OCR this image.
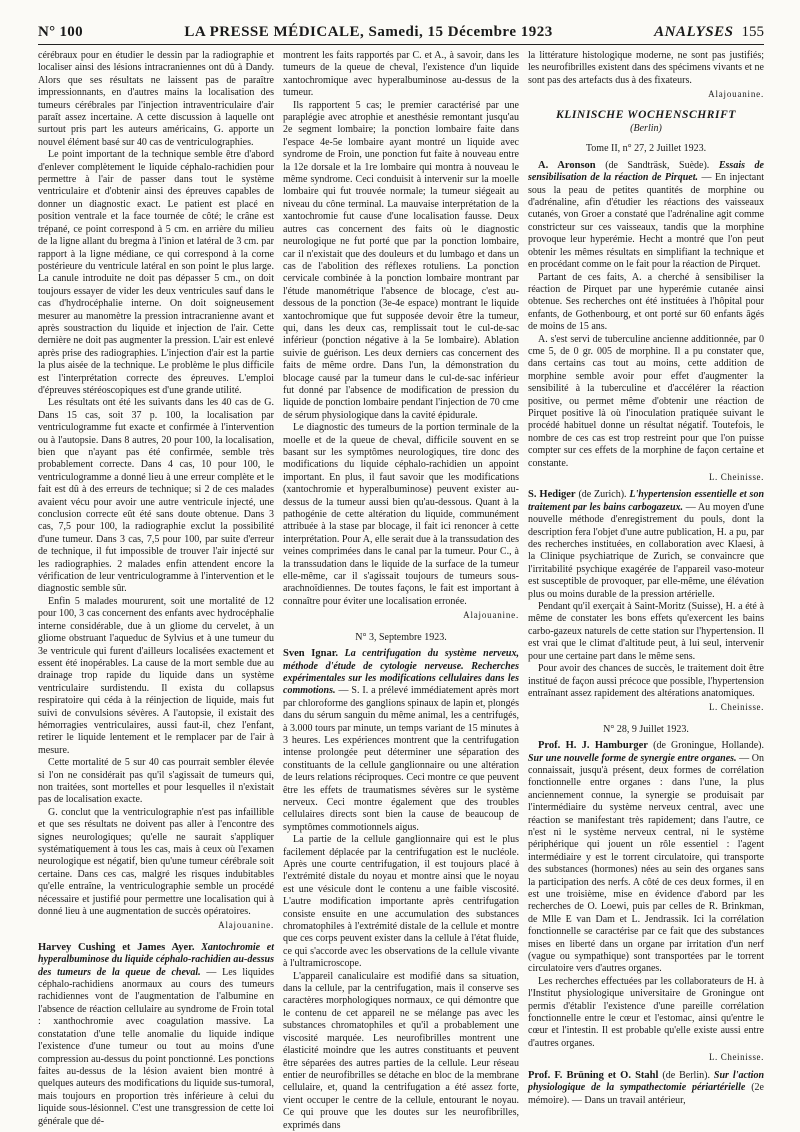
N° 100	LA PRESSE MÉDICALE, Samedi, 15 Décembre 1923	ANALYSES 155

cérébraux pour en étudier le dessin par la radiographie et localiser ainsi des lésions intracraniennes ont dû à Dandy. Alors que ses résultats ne laissent pas de paraître impressionnants, en d'autres mains la localisation des tumeurs cérébrales par l'injection intraventriculaire d'air paraît assez incertaine. A cette discussion à laquelle ont surtout pris part les auteurs américains, G. apporte un nouvel élément basé sur 40 cas de ventriculographies.

Le point important de la technique semble être d'abord d'enlever complètement le liquide céphalo-rachidien pour permettre à l'air de passer dans tout le système ventriculaire et d'obtenir ainsi des épreuves capables de donner un diagnostic exact. Le patient est placé en position ventrale et la face tournée de côté; le crâne est trépané, ce point correspond à 5 cm. en arrière du milieu de la ligne allant du bregma à l'inion et latéral de 3 cm. par rapport à la ligne médiane, ce qui correspond à la corne postérieure du ventricule latéral en son point le plus large. La canule introduite ne doit pas dépasser 5 cm., on doit toujours essayer de vider les deux ventricules sauf dans le cas d'hydrocéphalie interne. On doit soigneusement mesurer au manomètre la pression intracranienne avant et après soustraction du liquide et injection de l'air. Cette dernière ne doit pas augmenter la pression. L'air est enlevé après prise des radiographies. L'injection d'air est la partie la plus aisée de la technique. Le problème le plus difficile est l'interprétation correcte des épreuves. L'emploi d'épreuves stéréoscopiques est d'une grande utilité.

Les résultats ont été les suivants dans les 40 cas de G. Dans 15 cas, soit 37 p. 100, la localisation par ventriculogramme fut exacte et confirmée à l'intervention ou à l'autopsie. Dans 8 autres, 20 pour 100, la localisation, bien que n'ayant pas été confirmée, semble très probablement correcte. Dans 4 cas, 10 pour 100, le ventriculogramme a donné lieu à une erreur complète et le fait est dû à des erreurs de technique; si 2 de ces malades avaient vécu pour avoir une autre ventricule injecté, une conclusion correcte eût été sans doute obtenue. Dans 3 cas, 7,5 pour 100, la radiographie exclut la possibilité d'une tumeur. Dans 3 cas, 7,5 pour 100, par suite d'erreur de technique, il fut impossible de trouver l'air injecté sur les radiographies. 2 malades enfin attendent encore la vérification de leur ventriculogramme à l'intervention et le diagnostic semble sûr.

Enfin 5 malades moururent, soit une mortalité de 12 pour 100, 3 cas concernent des enfants avec hydrocéphalie interne considérable, due à un gliome du cervelet, à un gliome obstruant l'aqueduc de Sylvius et à une tumeur du 3e ventricule qui furent d'ailleurs localisées exactement et essent été inopérables. La cause de la mort semble due au drainage trop rapide du liquide dans un système ventriculaire surdistendu. Il exista du collapsus respiratoire qui céda à la réinjection de liquide, mais fut suivi de convulsions sévères. A l'autopsie, il existait des hémorragies ventriculaires, aussi faut-il, chez l'enfant, retirer le liquide lentement et le remplacer par de l'air à mesure.

Cette mortalité de 5 sur 40 cas pourrait sembler élevée si l'on ne considérait pas qu'il s'agissait de tumeurs qui, non traitées, sont mortelles et pour lesquelles il n'existait pas de localisation exacte.

G. conclut que la ventriculographie n'est pas infaillible et que ses résultats ne doivent pas aller à l'encontre des signes neurologiques; qu'elle ne saurait s'appliquer systématiquement à tous les cas, mais à ceux où l'examen neurologique est négatif, bien qu'une tumeur cérébrale soit certaine. Dans ces cas, malgré les risques indubitables qu'elle entraîne, la ventriculographie semble un procédé nécessaire et justifié pour permettre une localisation qui à donné lieu à une augmentation de succès opératoires.

Alajouanine.

Harvey Cushing et James Ayer. Xantochromie et hyperalbuminose du liquide céphalo-rachidien au-dessus des tumeurs de la queue de cheval. — Les liquides céphalo-rachidiens anormaux au cours des tumeurs rachidiennes vont de l'augmentation de l'albumine en l'absence de réaction cellulaire au syndrome de Froin total : xanthochromie avec coagulation massive. La constatation d'une telle anomalie du liquide indique l'existence d'une tumeur ou tout au moins d'une compression au-dessus du point ponctionné. Les ponctions faites au-dessus de la lésion avaient bien montré à quelques auteurs des modifications du liquide sus-tumoral, mais toujours en proportion très inférieure à celui du liquide sous-lésionnel. C'est une transgression de cette loi générale que dé-

montrent les faits rapportés par C. et A., à savoir, dans les tumeurs de la queue de cheval, l'existence d'un liquide xantochromique avec hyperalbuminose au-dessus de la tumeur.

Ils rapportent 5 cas; le premier caractérisé par une paraplégie avec atrophie et anesthésie remontant jusqu'au 2e segment lombaire; la ponction lombaire faite dans l'espace 4e-5e lombaire ayant montré un liquide avec syndrome de Froin, une ponction fut faite à nouveau entre la 12e dorsale et la 1re lombaire qui montra à nouveau le même syndrome. Ceci conduisit à intervenir sur la moelle lombaire qui fut trouvée normale; la tumeur siégeait au niveau du cône terminal. La mauvaise interprétation de la xantochromie fut cause d'une localisation fausse. Deux autres cas concernent des faits où le diagnostic neurologique ne fut porté que par la ponction lombaire, car il n'existait que des douleurs et du lumbago et dans un cas de l'abolition des réflexes rotuliens. La ponction cervicale combinée à la ponction lombaire montrant par l'étude manométrique l'absence de blocage, c'est au-dessous de la ponction (3e-4e espace) montrant le liquide xantochromique que fut supposée devoir être la tumeur, qui, dans les deux cas, remplissait tout le cul-de-sac inférieur (ponction négative à la 5e lombaire). Ablation suivie de guérison. Les deux derniers cas concernent des faits de même ordre. Dans l'un, la démonstration du blocage causé par la tumeur dans le cul-de-sac inférieur fut donné par l'absence de modification de pression du liquide de ponction lombaire pendant l'injection de 70 cme de sérum physiologique dans la cavité épidurale.

Le diagnostic des tumeurs de la portion terminale de la moelle et de la queue de cheval, difficile souvent en se basant sur les symptômes neurologiques, tire donc des modifications du liquide céphalo-rachidien un appoint important. En plus, il faut savoir que les modifications (xantochromie et hyperalbuminose) peuvent exister au-dessus de la tumeur aussi bien qu'au-dessous. Quant à la pathogénie de cette altération du liquide, communément attribuée à la stase par blocage, il fait ici renoncer à cette interprétation. Pour A, elle serait due à la transsudation des veines comprimées dans le canal par la tumeur. Pour C., à la transsudation dans le liquide de la surface de la tumeur elle-même, car il s'agissait toujours de tumeurs sous-arachnoïdiennes. De toutes façons, le fait est important à connaître pour éviter une localisation erronée.

Alajouanine.
N° 3, Septembre 1923.

Sven Ignar. La centrifugation du système nerveux, méthode d'étude de cytologie nerveuse. Recherches expérimentales sur les modifications cellulaires dans les commotions. — S. I. a prélevé immédiatement après mort par chloroforme des ganglions spinaux de lapin et, plongés dans du sérum sanguin du même animal, les a centrifugés, à 3.000 tours par minute, un temps variant de 15 minutes à 3 heures. Les expériences montrent que la centrifugation intense prolongée peut déterminer une séparation des constituants de la cellule ganglionnaire ou une altération de leurs relations réciproques. Ceci montre ce que peuvent être les effets de traumatismes sévères sur le système nerveux. Ceci montre également que des troubles cellulaires directs sont bien la cause de beaucoup de symptômes commotionnels aigus.

La partie de la cellule ganglionnaire qui est le plus facilement déplacée par la centrifugation est le nucléole. Après une courte centrifugation, il est toujours placé à l'extrémité distale du noyau et montre ainsi que le noyau est une vésicule dont le contenu a une faible viscosité. L'autre modification importante après centrifugation consiste ensuite en une accumulation des substances chromatophiles à l'extrémité distale de la cellule et montre que ces corps peuvent exister dans la cellule à l'état fluide, ce qui s'accorde avec les observations de la cellule vivante à l'ultramicroscope.

L'appareil canaliculaire est modifié dans sa situation, dans la cellule, par la centrifugation, mais il conserve ses caractères morphologiques normaux, ce qui démontre que le contenu de cet appareil ne se mélange pas avec les substances chromatophiles et qu'il a probablement une viscosité marquée. Les neurofibrilles montrent une élasticité moindre que les autres constituants et peuvent être séparées des autres parties de la cellule. Leur réseau entier de neurofibrilles se détache en bloc de la membrane cellulaire, et, quand la centrifugation a été assez forte, vient occuper le centre de la cellule, entourant le noyau. Ce qui prouve que les doutes sur les neurofibrilles, exprimés dans

la littérature histologique moderne, ne sont pas justifiés; les neurofibrilles existent dans des spécimens vivants et ne sont pas des artefacts dus à des fixateurs.

Alajouanine.
KLINISCHE WOCHENSCHRIFT
(Berlin)
Tome II, n° 27, 2 Juillet 1923.

A. Aronson (de Sandträsk, Suède). Essais de sensibilisation de la réaction de Pirquet. — En injectant sous la peau de petites quantités de morphine ou d'adrénaline, afin d'étudier les réactions des vaisseaux cutanés, von Groer a constaté que l'adrénaline agit comme constricteur sur ces vaisseaux, tandis que la morphine provoque leur hyperémie. Hecht a montré que l'on peut obtenir les mêmes résultats en simplifiant la technique et en procédant comme on le fait pour la réaction de Pirquet.

Partant de ces faits, A. a cherché à sensibiliser la réaction de Pirquet par une hyperémie cutanée ainsi obtenue. Ses recherches ont été instituées à l'hôpital pour enfants, de Gothenbourg, et ont porté sur 60 enfants âgés de moins de 15 ans.

A. s'est servi de tuberculine ancienne additionnée, par 0 cme 5, de 0 gr. 005 de morphine. Il a pu constater que, dans certains cas tout au moins, cette addition de morphine semble avoir pour effet d'augmenter la sensibilité à la tuberculine et d'accélérer la réaction positive, ou permet même d'obtenir une réaction de Pirquet positive là où l'inoculation pratiquée suivant le procédé habituel donne un résultat négatif. Toutefois, le nombre de ces cas est trop restreint pour que l'on puisse compter sur ces effets de la morphine de façon certaine et constante.

L. Cheinisse.

S. Hediger (de Zurich). L'hypertension essentielle et son traitement par les bains carbogazeux. — Au moyen d'une nouvelle méthode d'enregistrement du pouls, dont la description fera l'objet d'une autre publication, H. a pu, par des recherches instituées, en collaboration avec Klaesi, à la Clinique psychiatrique de Zurich, se convaincre que l'irritabilité psychique exagérée de l'appareil vaso-moteur est susceptible de provoquer, par elle-même, une élévation plus ou moins durable de la pression artérielle.

Pendant qu'il exerçait à Saint-Moritz (Suisse), H. a été à même de constater les bons effets qu'exercent les bains carbo-gazeux naturels de cette station sur l'hypertension. Il est vrai que le climat d'altitude peut, à lui seul, intervenir pour une certaine part dans le même sens.

Pour avoir des chances de succès, le traitement doit être institué de façon aussi précoce que possible, l'hypertension entraînant assez rapidement des altérations anatomiques.

L. Cheinisse.
N° 28, 9 Juillet 1923.

Prof. H. J. Hamburger (de Groningue, Hollande). Sur une nouvelle forme de synergie entre organes. — On connaissait, jusqu'à présent, deux formes de corrélation fonctionnelle entre organes : dans l'une, la plus anciennement connue, la synergie se produisait par l'intermédiaire du système nerveux central, avec une réaction se manifestant très rapidement; dans l'autre, ce n'est ni le système nerveux central, ni le système périphérique qui jouent un rôle essentiel : l'agent intermédiaire y est le torrent circulatoire, qui transporte des substances (hormones) nées au sein des organes sans la participation des nerfs. A côté de ces deux formes, il en est une troisième, mise en évidence d'abord par les recherches de O. Loewi, puis par celles de R. Brinkman, de Mlle E van Dam et L. Jendrassik. Ici la corrélation fonctionnelle se caractérise par ce fait que des substances mises en liberté dans un organe par irritation d'un nerf (vague ou sympathique) sont transportées par le torrent circulatoire vers d'autres organes.

Les recherches effectuées par les collaborateurs de H. à l'Institut physiologique universitaire de Groningue ont permis d'établir l'existence d'une pareille corrélation fonctionnelle entre le cœur et l'estomac, ainsi qu'entre le cœur et l'intestin. Il est probable qu'elle existe aussi entre d'autres organes.

L. Cheinisse.

Prof. F. Brüning et O. Stahl (de Berlin). Sur l'action physiologique de la sympathectomie périartérielle (2e mémoire). — Dans un travail antérieur,
